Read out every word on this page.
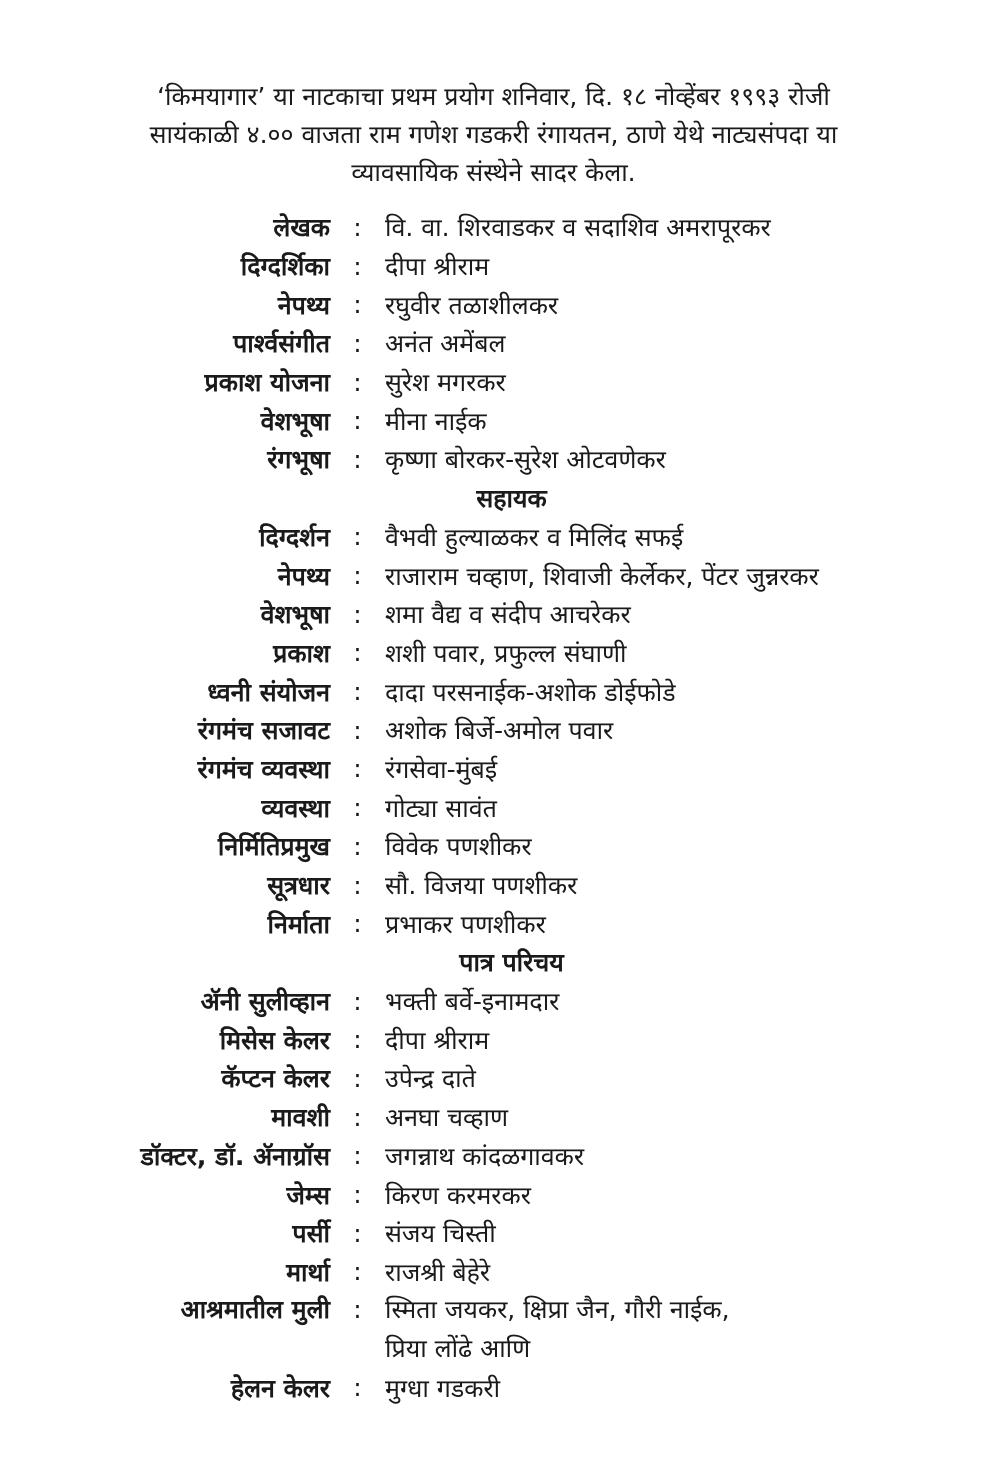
‘किमयागार’ या नाटकाचा प्रथम प्रयोग शनिवार, दि. १८ नोव्हेंबर १९९३ रोजी
सायंकाळी ४.०० वाजता राम गणेश गडकरी रंगायतन, ठाणे येथे नाट्यसंपदा या
व्यावसायिक संस्थेने सादर केला.
लेखक : वि. वा. शिरवाडकर व सदाशिव अमरापूरकर
दिग्दर्शिका : दीपा श्रीराम
नेपथ्य : रघुवीर तळाशीलकर
पार्श्वसंगीत : अनंत अमेंबल
प्रकाश योजना : सुरेश मगरकर
वेशभूषा : मीना नाईक
रंगभूषा : कृष्णा बोरकर-सुरेश ओटवणेकर
सहायक
दिग्दर्शन : वैभवी हुल्याळकर व मिलिंद सफई
नेपथ्य : राजाराम चव्हाण, शिवाजी केर्लेकर, पेंटर जुन्नरकर
वेशभूषा : शमा वैद्य व संदीप आचरेकर
प्रकाश : शशी पवार, प्रफुल्ल संघाणी
ध्वनी संयोजन : दादा परसनाईक-अशोक डोईफोडे
रंगमंच सजावट : अशोक बिर्जे-अमोल पवार
रंगमंच व्यवस्था : रंगसेवा-मुंबई
व्यवस्था : गोट्या सावंत
निर्मितिप्रमुख : विवेक पणशीकर
सूत्रधार : सौ. विजया पणशीकर
निर्माता : प्रभाकर पणशीकर
पात्र परिचय
ॲनी सुलीव्हान : भक्ती बर्वे-इनामदार
मिसेस केलर : दीपा श्रीराम
कॅप्टन केलर : उपेन्द्र दाते
मावशी : अनघा चव्हाण
डॉक्टर, डॉ. ॲनाग्रॉस : जगन्नाथ कांदळगावकर
जेम्स : किरण करमरकर
पर्सी : संजय चिस्ती
मार्था : राजश्री बेहेरे
आश्रमातील मुली : स्मिता जयकर, क्षिप्रा जैन, गौरी नाईक,
प्रिया लोंढे आणि
हेलन केलर : मुग्धा गडकरी
